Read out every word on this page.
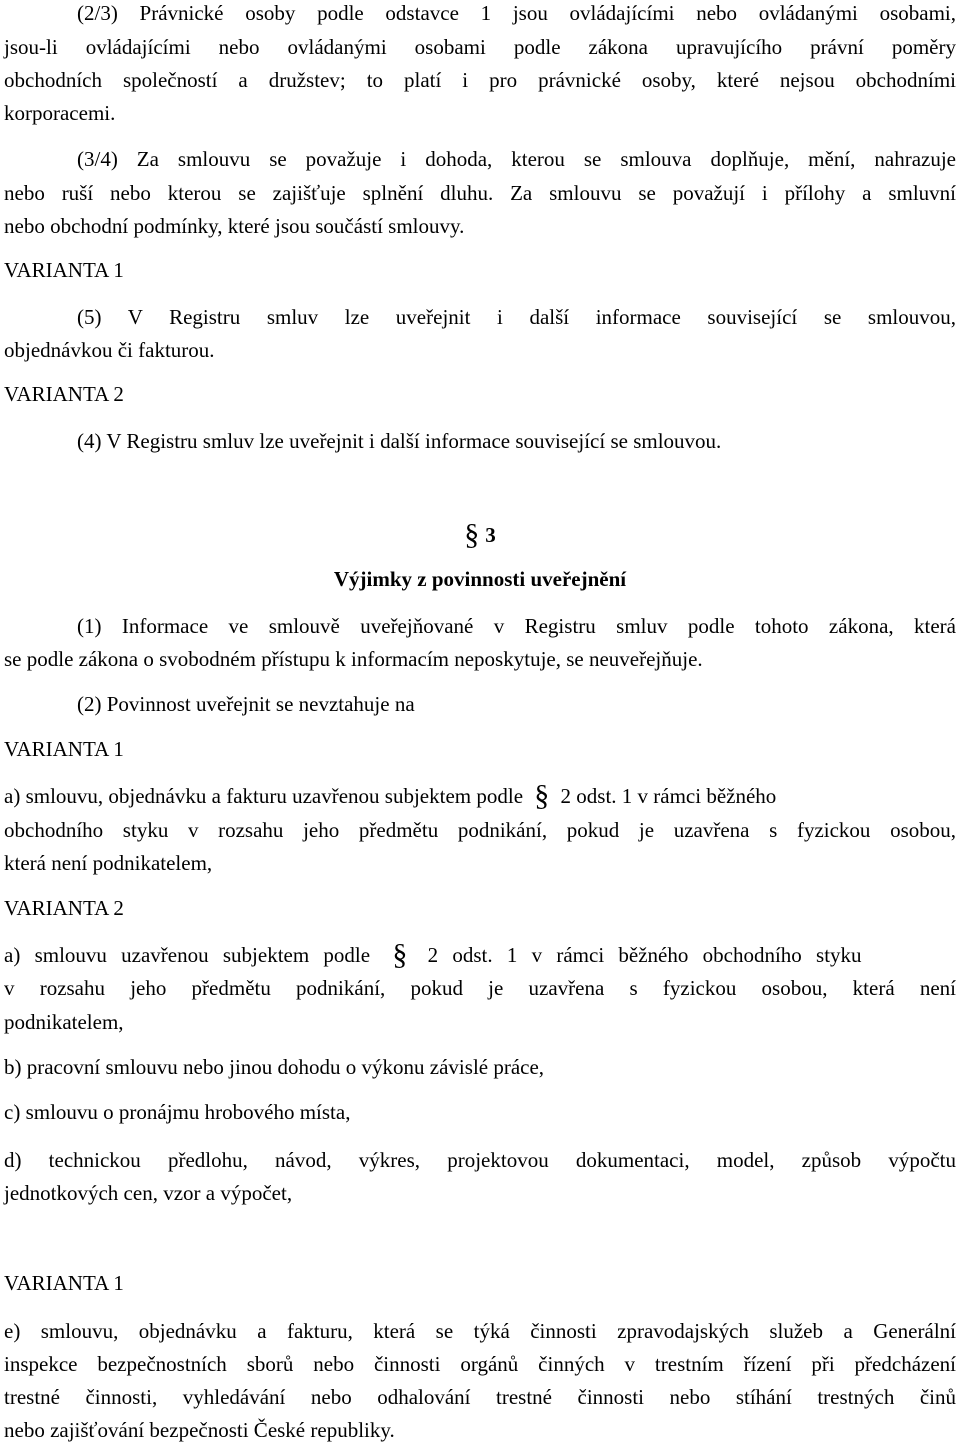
(2/3) Právnické osoby podle odstavce 1 jsou ovládajícími nebo ovládanými osobami,
jsou-li ovládajícími nebo ovládanými osobami podle zákona upravujícího právní poměry
obchodních společností a družstev; to platí i pro právnické osoby, které nejsou obchodními
korporacemi.
(3/4) Za smlouvu se považuje i dohoda, kterou se smlouva doplňuje, mění, nahrazuje
nebo ruší nebo kterou se zajišťuje splnění dluhu. Za smlouvu se považují i přílohy a smluvní
nebo obchodní podmínky, které jsou součástí smlouvy.
VARIANTA 1
(5) V Registru smluv lze uveřejnit i další informace související se smlouvou,
objednávkou či fakturou.
VARIANTA 2
(4) V Registru smluv lze uveřejnit i další informace související se smlouvou.
§ 3
Výjimky z povinnosti uveřejnění
(1) Informace ve smlouvě uveřejňované v Registru smluv podle tohoto zákona, která
se podle zákona o svobodném přístupu k informacím neposkytuje, se neuveřejňuje.
(2) Povinnost uveřejnit se nevztahuje na
VARIANTA 1
a) smlouvu, objednávku a fakturu uzavřenou subjektem podle § 2 odst. 1 v rámci běžného
obchodního styku v rozsahu jeho předmětu podnikání, pokud je uzavřena s fyzickou osobou,
která není podnikatelem,
VARIANTA 2
a) smlouvu uzavřenou subjektem podle § 2 odst. 1 v rámci běžného obchodního styku
v rozsahu jeho předmětu podnikání, pokud je uzavřena s fyzickou osobou, která není
podnikatelem,
b) pracovní smlouvu nebo jinou dohodu o výkonu závislé práce,
c) smlouvu o pronájmu hrobového místa,
d) technickou předlohu, návod, výkres, projektovou dokumentaci, model, způsob výpočtu
jednotkových cen, vzor a výpočet,
VARIANTA 1
e) smlouvu, objednávku a fakturu, která se týká činnosti zpravodajských služeb a Generální
inspekce bezpečnostních sborů nebo činnosti orgánů činných v trestním řízení při předcházení
trestné činnosti, vyhledávání nebo odhalování trestné činnosti nebo stíhání trestných činů
nebo zajišťování bezpečnosti České republiky.
